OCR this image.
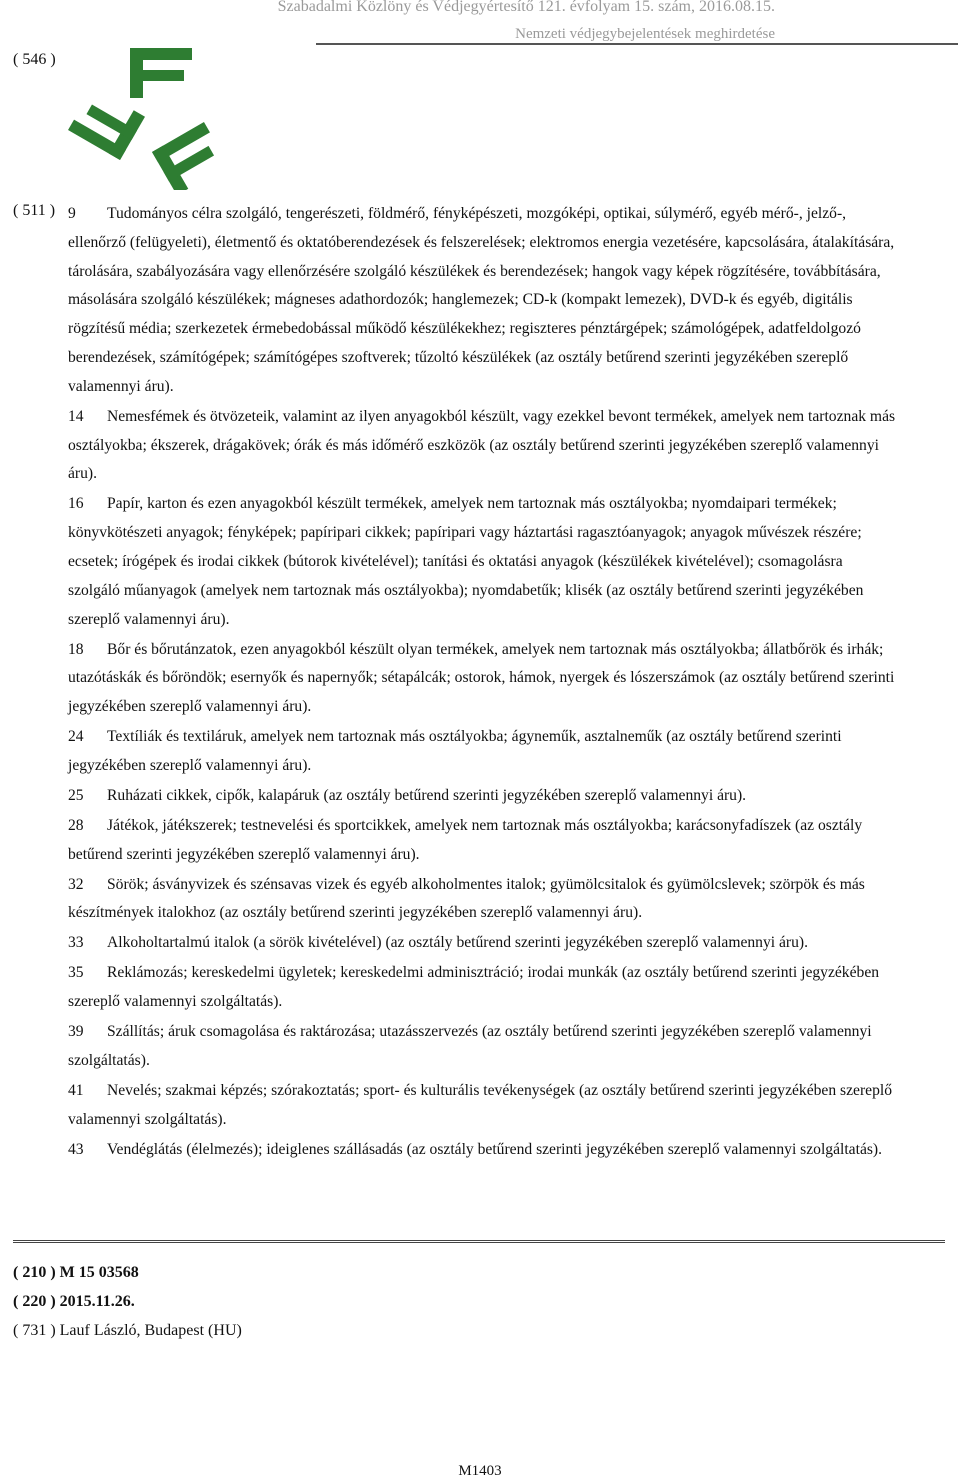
Szabadalmi Közlöny és Védjegyértesítő 121. évfolyam 15. szám, 2016.08.15.
Nemzeti védjegybejelentések meghirdetése
( 546 )
( 511 ) 9 Tudományos célra szolgáló, tengerészeti, földmérő, fényképészeti, mozgóképi, optikai, súlymérő, egyéb mérő-, jelző-, ellenőrző (felügyeleti), életmentő és oktatóberendezések és felszerelések; elektromos energia vezetésére, kapcsolására, átalakítására, tárolására, szabályozására vagy ellenőrzésére szolgáló készülékek és berendezések; hangok vagy képek rögzítésére, továbbítására, másolására szolgáló készülékek; mágneses adathordozók; hanglemezek; CD-k (kompakt lemezek), DVD-k és egyéb, digitális rögzítésű média; szerkezetek érmebedobással működő készülékekhez; regiszteres pénztárgépek; számológépek, adatfeldolgozó berendezések, számítógépek; számítógépes szoftverek; tűzoltó készülékek (az osztály betűrend szerinti jegyzékében szereplő valamennyi áru).

14 Nemesfémek és ötvözeteik, valamint az ilyen anyagokból készült, vagy ezekkel bevont termékek, amelyek nem tartoznak más osztályokba; ékszerek, drágakövek; órák és más időmérő eszközök (az osztály betűrend szerinti jegyzékében szereplő valamennyi áru).

16 Papír, karton és ezen anyagokból készült termékek, amelyek nem tartoznak más osztályokba; nyomdaipari termékek; könyvkötészeti anyagok; fényképek; papíripari cikkek; papíripari vagy háztartási ragasztóanyagok; anyagok művészek részére; ecsetek; írógépek és irodai cikkek (bútorok kivételével); tanítási és oktatási anyagok (készülékek kivételével); csomagolásra szolgáló műanyagok (amelyek nem tartoznak más osztályokba); nyomdabetűk; klisék (az osztály betűrend szerinti jegyzékében szereplő valamennyi áru).

18 Bőr és bőrutánzatok, ezen anyagokból készült olyan termékek, amelyek nem tartoznak más osztályokba; állatbőrök és irhák; utazótáskák és bőröndök; esernyők és napernyők; sétapálcák; ostorok, hámok, nyergek és lószerszámok (az osztály betűrend szerinti jegyzékében szereplő valamennyi áru).

24 Textíliák és textiláruk, amelyek nem tartoznak más osztályokba; ágyneműk, asztalneműk (az osztály betűrend szerinti jegyzékében szereplő valamennyi áru).

25 Ruházati cikkek, cipők, kalapáruk (az osztály betűrend szerinti jegyzékében szereplő valamennyi áru).

28 Játékok, játékszerek; testnevelési és sportcikkek, amelyek nem tartoznak más osztályokba; karácsonyfadíszek (az osztály betűrend szerinti jegyzékében szereplő valamennyi áru).

32 Sörök; ásványvizek és szénsavas vizek és egyéb alkoholmentes italok; gyümölcsitalok és gyümölcslevek; szörpök és más készítmények italokhoz (az osztály betűrend szerinti jegyzékében szereplő valamennyi áru).

33 Alkoholtartalmú italok (a sörök kivételével) (az osztály betűrend szerinti jegyzékében szereplő valamennyi áru).

35 Reklámozás; kereskedelmi ügyletek; kereskedelmi adminisztráció; irodai munkák (az osztály betűrend szerinti jegyzékében szereplő valamennyi szolgáltatás).

39 Szállítás; áruk csomagolása és raktározása; utazásszervezés (az osztály betűrend szerinti jegyzékében szereplő valamennyi szolgáltatás).

41 Nevelés; szakmai képzés; szórakoztatás; sport- és kulturális tevékenységek (az osztály betűrend szerinti jegyzékében szereplő valamennyi szolgáltatás).

43 Vendéglátás (élelmezés); ideiglenes szállásadás (az osztály betűrend szerinti jegyzékében szereplő valamennyi szolgáltatás).

( 210 ) M 15 03568
( 220 ) 2015.11.26.
( 731 ) Lauf László, Budapest (HU)
M1403
